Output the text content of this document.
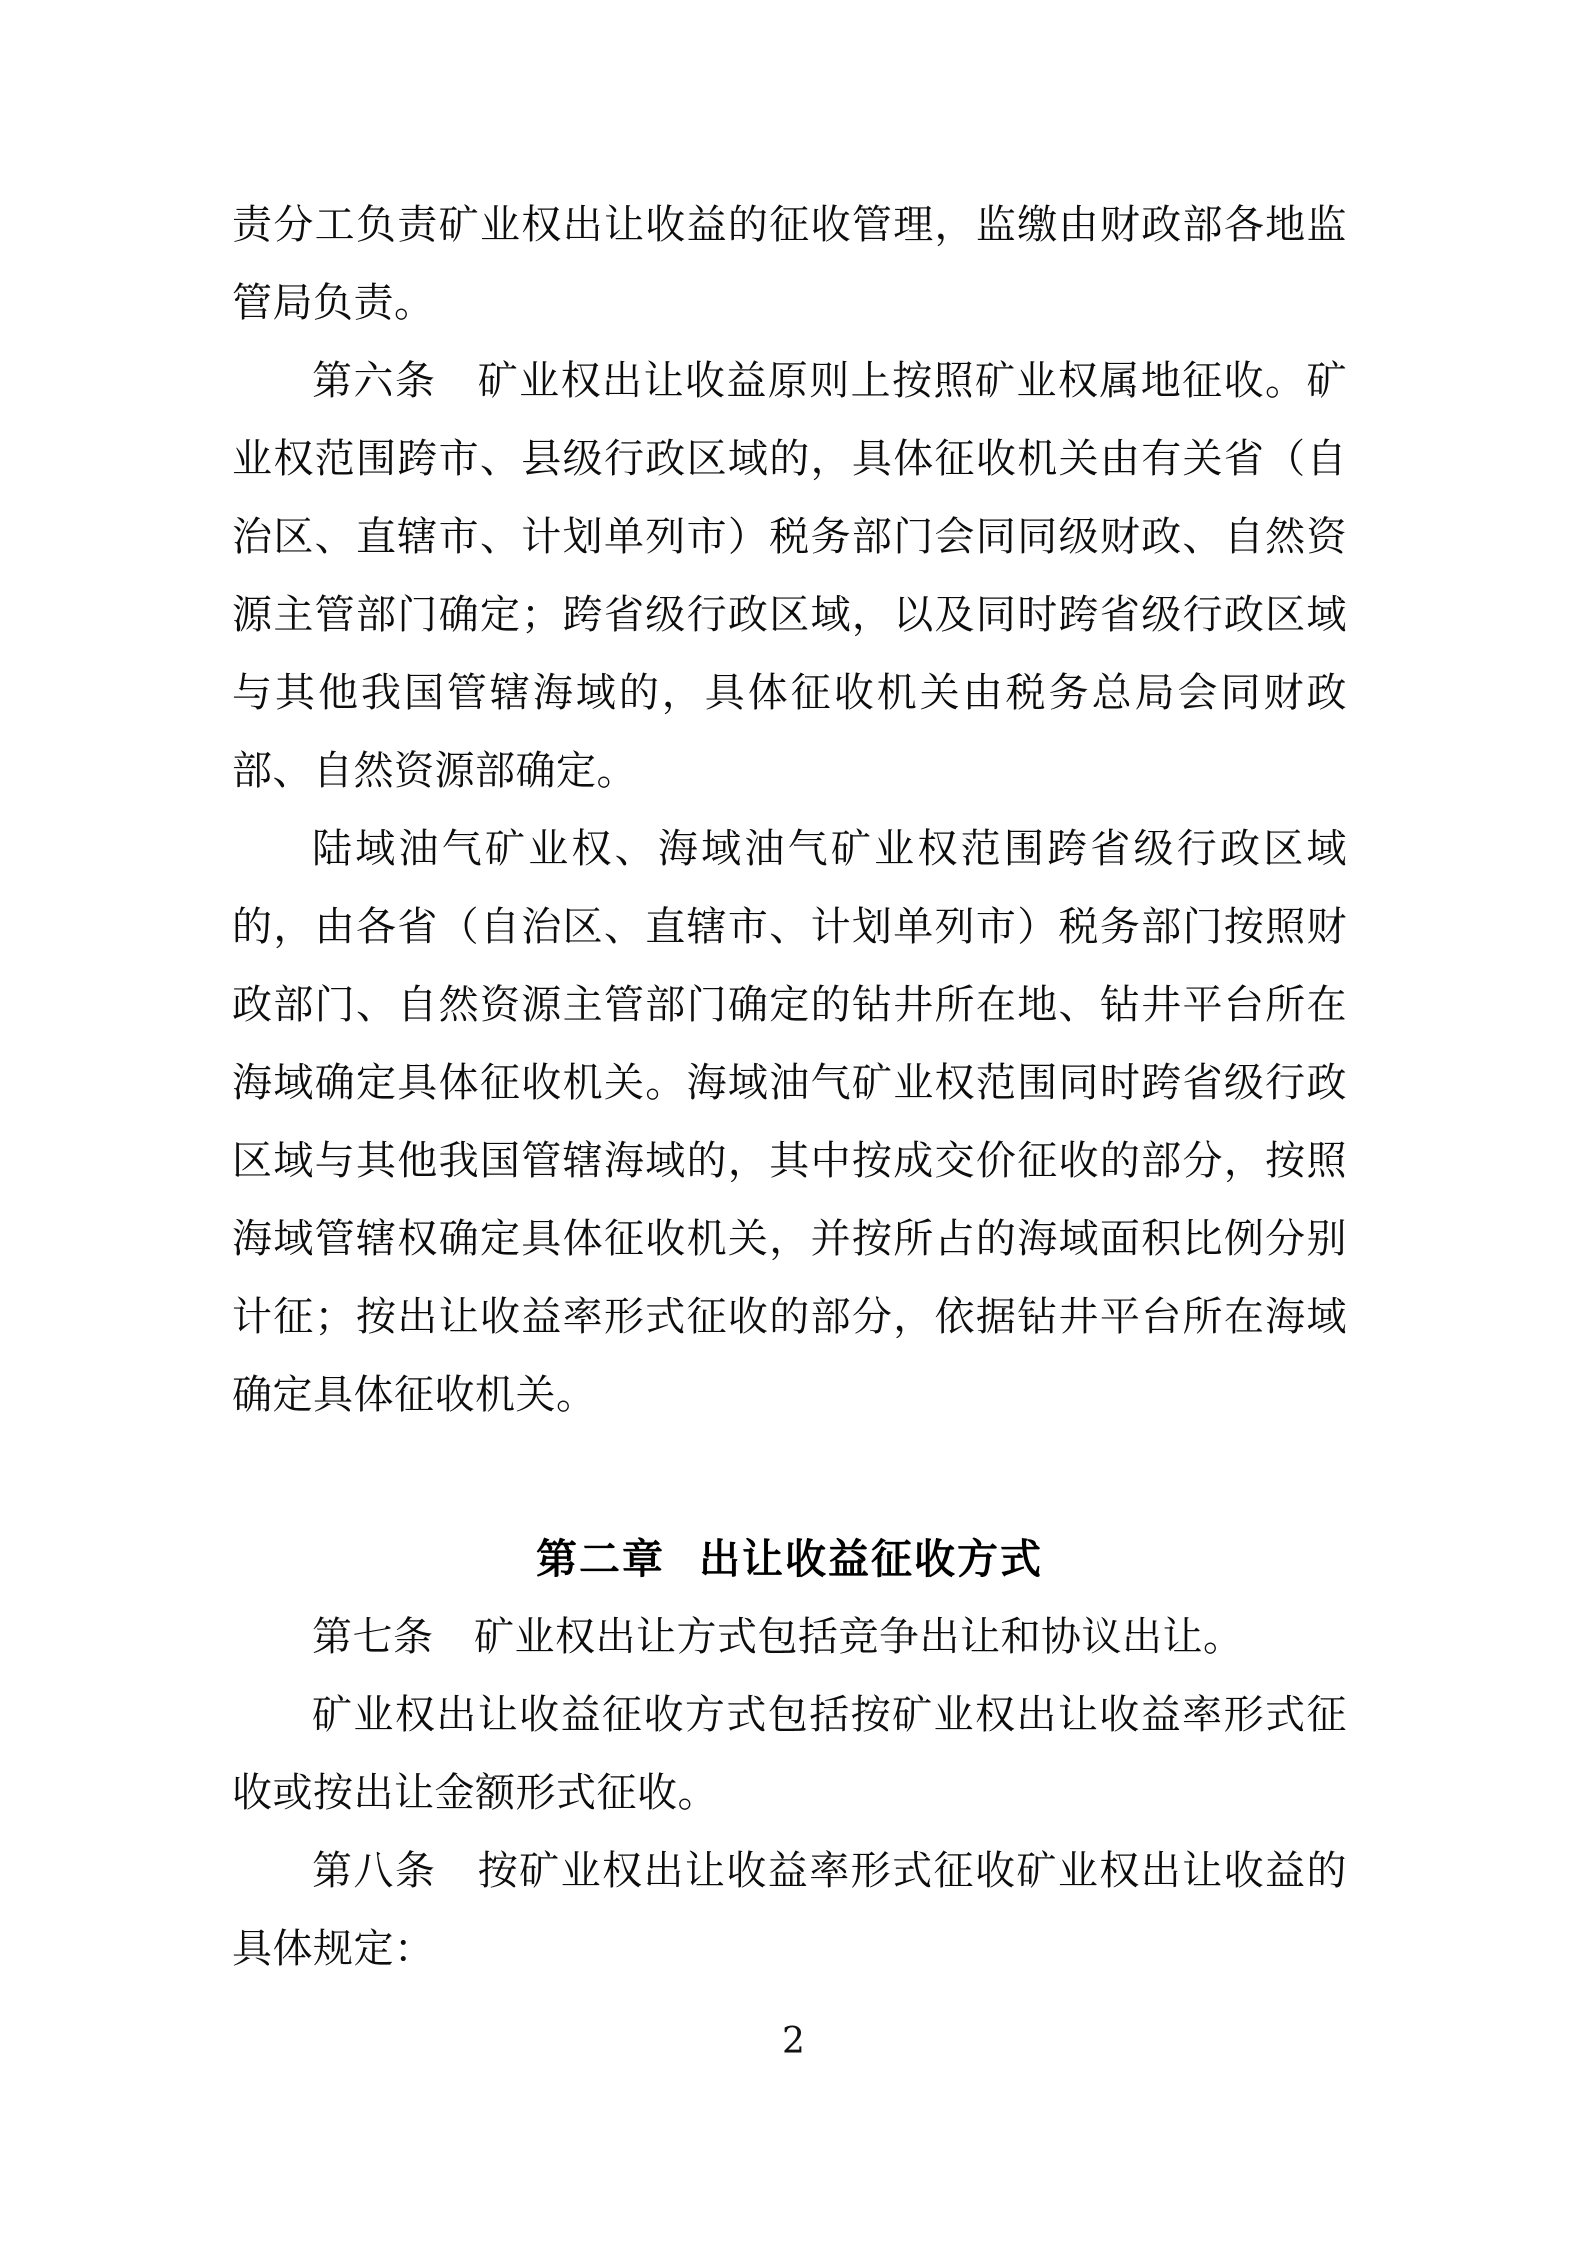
责分工负责矿业权出让收益的征收管理，监缴由财政部各地监管局负责。

第六条　矿业权出让收益原则上按照矿业权属地征收。矿业权范围跨市、县级行政区域的，具体征收机关由有关省（自治区、直辖市、计划单列市）税务部门会同同级财政、自然资源主管部门确定；跨省级行政区域，以及同时跨省级行政区域与其他我国管辖海域的，具体征收机关由税务总局会同财政部、自然资源部确定。

陆域油气矿业权、海域油气矿业权范围跨省级行政区域的，由各省（自治区、直辖市、计划单列市）税务部门按照财政部门、自然资源主管部门确定的钻井所在地、钻井平台所在海域确定具体征收机关。海域油气矿业权范围同时跨省级行政区域与其他我国管辖海域的，其中按成交价征收的部分，按照海域管辖权确定具体征收机关，并按所占的海域面积比例分别计征；按出让收益率形式征收的部分，依据钻井平台所在海域确定具体征收机关。

第二章 出让收益征收方式

第七条　矿业权出让方式包括竞争出让和协议出让。

矿业权出让收益征收方式包括按矿业权出让收益率形式征收或按出让金额形式征收。

第八条　按矿业权出让收益率形式征收矿业权出让收益的具体规定：

2
